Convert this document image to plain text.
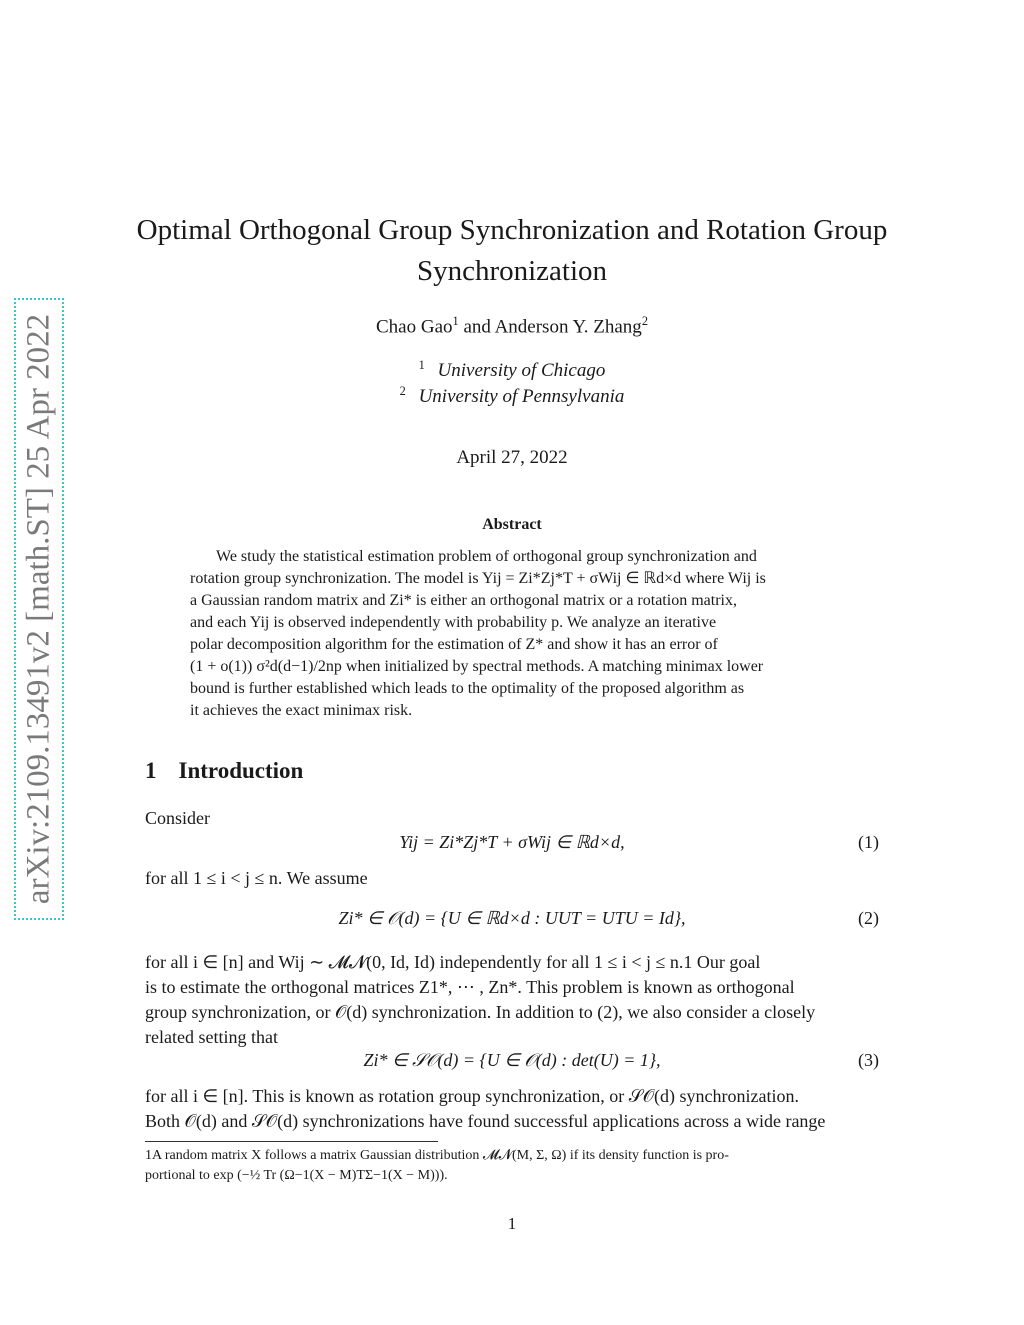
arXiv:2109.13491v2 [math.ST] 25 Apr 2022
Optimal Orthogonal Group Synchronization and Rotation Group Synchronization
Chao Gao$^1$ and Anderson Y. Zhang$^2$
$^1$ University of Chicago
$^2$ University of Pennsylvania
April 27, 2022
Abstract
We study the statistical estimation problem of orthogonal group synchronization and
rotation group synchronization. The model is Yij = Zi*Zj*T + σWij ∈ ℝd×d where Wij is
a Gaussian random matrix and Zi* is either an orthogonal matrix or a rotation matrix,
and each Yij is observed independently with probability p. We analyze an iterative
polar decomposition algorithm for the estimation of Z* and show it has an error of
(1 + o(1)) σ²d(d−1)/2np when initialized by spectral methods. A matching minimax lower
bound is further established which leads to the optimality of the proposed algorithm as
it achieves the exact minimax risk.
1 Introduction
Consider
Yij = Zi*Zj*T + σWij ∈ ℝd×d,	(1)
for all 1 ≤ i < j ≤ n. We assume
Zi* ∈ 𝒪(d) = {U ∈ ℝd×d : UUT = UTU = Id},	(2)
for all i ∈ [n] and Wij ∼ 𝓜𝓝(0, Id, Id) independently for all 1 ≤ i < j ≤ n.1 Our goal
is to estimate the orthogonal matrices Z1*, ⋯ , Zn*. This problem is known as orthogonal
group synchronization, or 𝒪(d) synchronization. In addition to (2), we also consider a closely
related setting that
Zi* ∈ 𝒮𝒪(d) = {U ∈ 𝒪(d) : det(U) = 1},	(3)
for all i ∈ [n]. This is known as rotation group synchronization, or 𝒮𝒪(d) synchronization.
Both 𝒪(d) and 𝒮𝒪(d) synchronizations have found successful applications across a wide range
1A random matrix X follows a matrix Gaussian distribution 𝓜𝓝(M, Σ, Ω) if its density function is pro-
portional to exp (−½ Tr (Ω−1(X − M)TΣ−1(X − M))).
1
